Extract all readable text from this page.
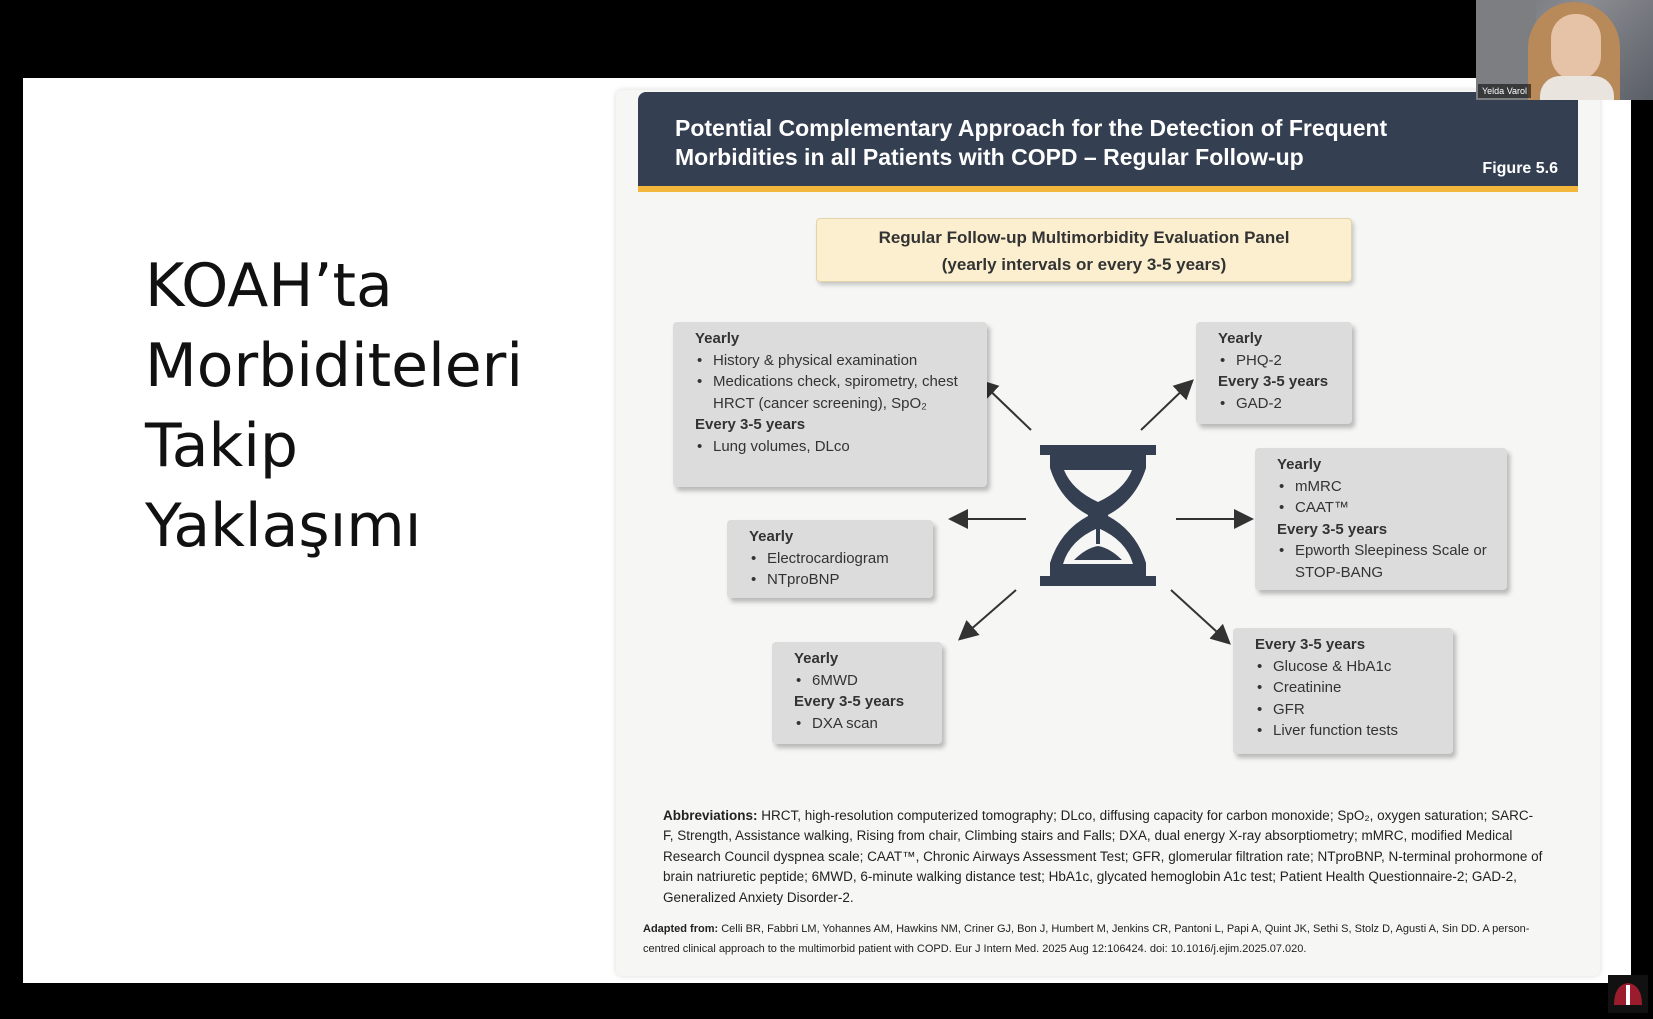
KOAH’ta
Morbiditeleri
Takip
Yaklaşımı
Potential Complementary Approach for the Detection of Frequent
Morbidities in all Patients with COPD – Regular Follow-up	Figure 5.6
Regular Follow-up Multimorbidity Evaluation Panel
(yearly intervals or every 3-5 years)
Yearly
• History & physical examination
• Medications check, spirometry, chest HRCT (cancer screening), SpO₂
Every 3-5 years
• Lung volumes, DLco
Yearly
• PHQ-2
Every 3-5 years
• GAD-2
Yearly
• Electrocardiogram
• NTproBNP
Yearly
• mMRC
• CAAT™
Every 3-5 years
• Epworth Sleepiness Scale or STOP-BANG
Yearly
• 6MWD
Every 3-5 years
• DXA scan
Every 3-5 years
• Glucose & HbA1c
• Creatinine
• GFR
• Liver function tests
Abbreviations: HRCT, high-resolution computerized tomography; DLco, diffusing capacity for carbon monoxide; SpO₂, oxygen saturation; SARC-F, Strength, Assistance walking, Rising from chair, Climbing stairs and Falls; DXA, dual energy X-ray absorptiometry; mMRC, modified Medical Research Council dyspnea scale; CAAT™, Chronic Airways Assessment Test; GFR, glomerular filtration rate; NTproBNP, N-terminal prohormone of brain natriuretic peptide; 6MWD, 6-minute walking distance test; HbA1c, glycated hemoglobin A1c test; Patient Health Questionnaire-2; GAD-2, Generalized Anxiety Disorder-2.
Adapted from: Celli BR, Fabbri LM, Yohannes AM, Hawkins NM, Criner GJ, Bon J, Humbert M, Jenkins CR, Pantoni L, Papi A, Quint JK, Sethi S, Stolz D, Agusti A, Sin DD. A person-centred clinical approach to the multimorbid patient with COPD. Eur J Intern Med. 2025 Aug 12:106424. doi: 10.1016/j.ejim.2025.07.020.
Yelda Varol
